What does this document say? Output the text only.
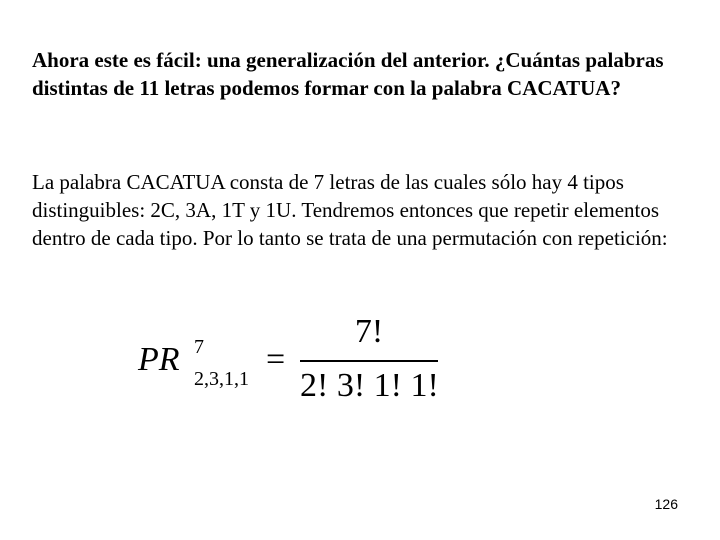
Ahora este es fácil: una generalización del anterior. ¿Cuántas palabras distintas de 11 letras podemos formar con la palabra CACATUA?

La palabra CACATUA consta de 7 letras de las cuales sólo hay 4 tipos distinguibles: 2C, 3A, 1T y 1U. Tendremos entonces que repetir elementos dentro de cada tipo. Por lo tanto se trata de una permutación con repetición:

PR 7
2,3,1,1
=
7!
2! 3! 1! 1!
126
